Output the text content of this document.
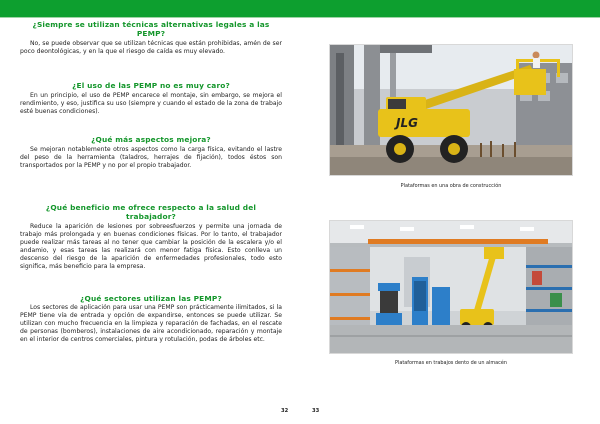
¿Siempre se utilizan técnicas alternativas legales a las PEMP?

No, se puede observar que se utilizan técnicas que están prohibidas, amén de ser poco deontológicas, y en la que el riesgo de caída es muy elevado.

¿El uso de las PEMP no es muy caro?

En un principio, el uso de PEMP encarece el montaje, sin embargo, se mejora el rendimiento, y eso, justifica su uso (siempre y cuando el estado de la zona de trabajo esté buenas condiciones).

¿Qué más aspectos mejora?

Se mejoran notablemente otros aspectos como la carga física, evitando el lastre del peso de la herramienta (taladros, herrajes de fijación), todos éstos son transportados por la PEMP y no por el propio trabajador.

¿Qué beneficio me ofrece respecto a la salud del trabajador?

Reduce la aparición de lesiones por sobreesfuerzos y permite una jornada de trabajo más prolongada y en buenas condiciones físicas. Por lo tanto, el trabajador puede realizar más tareas al no tener que cambiar la posición de la escalera y/o el andamio, y esas tareas las realizará con menor fatiga física. Esto conlleva un descenso del riesgo de la aparición de enfermedades profesionales, todo esto significa, más beneficio para la empresa.

¿Qué sectores utilizan las PEMP?

Los sectores de aplicación para usar una PEMP son prácticamente ilimitados, si la PEMP tiene vía de entrada y opción de expandirse, entonces se puede utilizar. Se utilizan con mucho frecuencia en la limpieza y reparación de fachadas, en el rescate de personas (bomberos), instalaciones de aire acondicionado, reparación y montaje en el interior de centros comerciales, pintura y rotulación, podas de árboles etc.

JLG
Plataformas en una obra de construcción
Plataformas en trabajos dento de un almacén
32	33
